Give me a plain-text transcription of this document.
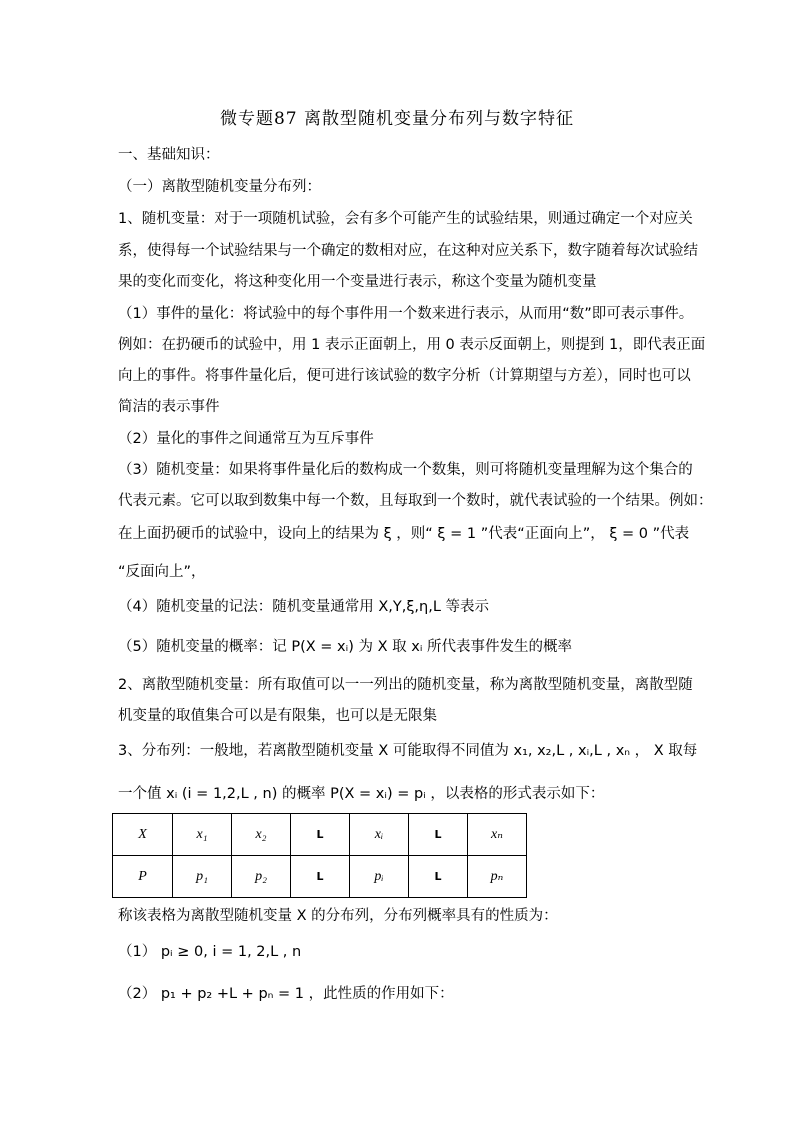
微专题87 离散型随机变量分布列与数字特征
一、基础知识：
（一）离散型随机变量分布列：
1、随机变量：对于一项随机试验，会有多个可能产生的试验结果，则通过确定一个对应关
系，使得每一个试验结果与一个确定的数相对应，在这种对应关系下，数字随着每次试验结
果的变化而变化，将这种变化用一个变量进行表示，称这个变量为随机变量
（1）事件的量化：将试验中的每个事件用一个数来进行表示，从而用“数”即可表示事件。
例如：在扔硬币的试验中，用 1 表示正面朝上，用 0 表示反面朝上，则提到 1，即代表正面
向上的事件。将事件量化后，便可进行该试验的数字分析（计算期望与方差），同时也可以
简洁的表示事件
（2）量化的事件之间通常互为互斥事件
（3）随机变量：如果将事件量化后的数构成一个数集，则可将随机变量理解为这个集合的
代表元素。它可以取到数集中每一个数，且每取到一个数时，就代表试验的一个结果。例如：
在上面扔硬币的试验中，设向上的结果为 ξ ，则“ ξ = 1 ”代表“正面向上”， ξ = 0 ”代表
“反面向上”，
（4）随机变量的记法：随机变量通常用 X,Y,ξ,η,L 等表示
（5）随机变量的概率：记 P(X = xᵢ) 为 X 取 xᵢ 所代表事件发生的概率
2、离散型随机变量：所有取值可以一一列出的随机变量，称为离散型随机变量，离散型随
机变量的取值集合可以是有限集，也可以是无限集
3、分布列：一般地，若离散型随机变量 X 可能取得不同值为 x₁, x₂,L , xᵢ,L , xₙ ， X 取每
一个值 xᵢ (i = 1,2,L , n) 的概率 P(X = xᵢ) = pᵢ ，以表格的形式表示如下：
X	x₁	x₂	L	xᵢ	L	xₙ
P	p₁	p₂	L	pᵢ	L	pₙ
称该表格为离散型随机变量 X 的分布列，分布列概率具有的性质为：
（1） pᵢ ≥ 0, i = 1, 2,L , n
（2） p₁ + p₂ +L + pₙ = 1 ，此性质的作用如下：
